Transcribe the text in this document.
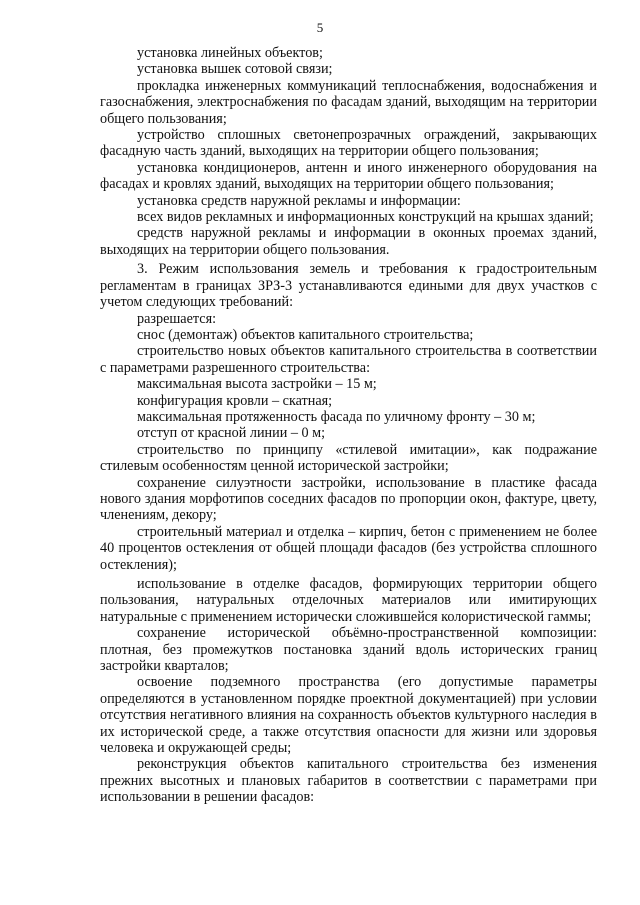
5

установка линейных объектов;

установка вышек сотовой связи;

прокладка инженерных коммуникаций теплоснабжения, водоснабжения и газоснабжения, электроснабжения по фасадам зданий, выходящим на территории общего пользования;

устройство сплошных светонепрозрачных ограждений, закрывающих фасадную часть зданий, выходящих на территории общего пользования;

установка кондиционеров, антенн и иного инженерного оборудования на фасадах и кровлях зданий, выходящих на территории общего пользования;

установка средств наружной рекламы и информации:

всех видов рекламных и информационных конструкций на крышах зданий;

средств наружной рекламы и информации в оконных проемах зданий, выходящих на территории общего пользования.

3. Режим использования земель и требования к градостроительным регламентам в границах ЗРЗ-3 устанавливаются едиными для двух участков с учетом следующих требований:

разрешается:

снос (демонтаж) объектов капитального строительства;

строительство новых объектов капитального строительства в соответствии с параметрами разрешенного строительства:

максимальная высота застройки – 15 м;

конфигурация кровли – скатная;

максимальная протяженность фасада по уличному фронту – 30 м;

отступ от красной линии – 0 м;

строительство по принципу «стилевой имитации», как подражание стилевым особенностям ценной исторической застройки;

сохранение силуэтности застройки, использование в пластике фасада нового здания морфотипов соседних фасадов по пропорции окон, фактуре, цвету, членениям, декору;

строительный материал и отделка – кирпич, бетон с применением не более 40 процентов остекления от общей площади фасадов (без устройства сплошного остекления);

использование в отделке фасадов, формирующих территории общего пользования, натуральных отделочных материалов или имитирующих натуральные с применением исторически сложившейся колористической гаммы;

сохранение исторической объёмно-пространственной композиции: плотная, без промежутков постановка зданий вдоль исторических границ застройки кварталов;

освоение подземного пространства (его допустимые параметры определяются в установленном порядке проектной документацией) при условии отсутствия негативного влияния на сохранность объектов культурного наследия в их исторической среде, а также отсутствия опасности для жизни или здоровья человека и окружающей среды;

реконструкция объектов капитального строительства без изменения прежних высотных и плановых габаритов в соответствии с параметрами при использовании в решении фасадов:
